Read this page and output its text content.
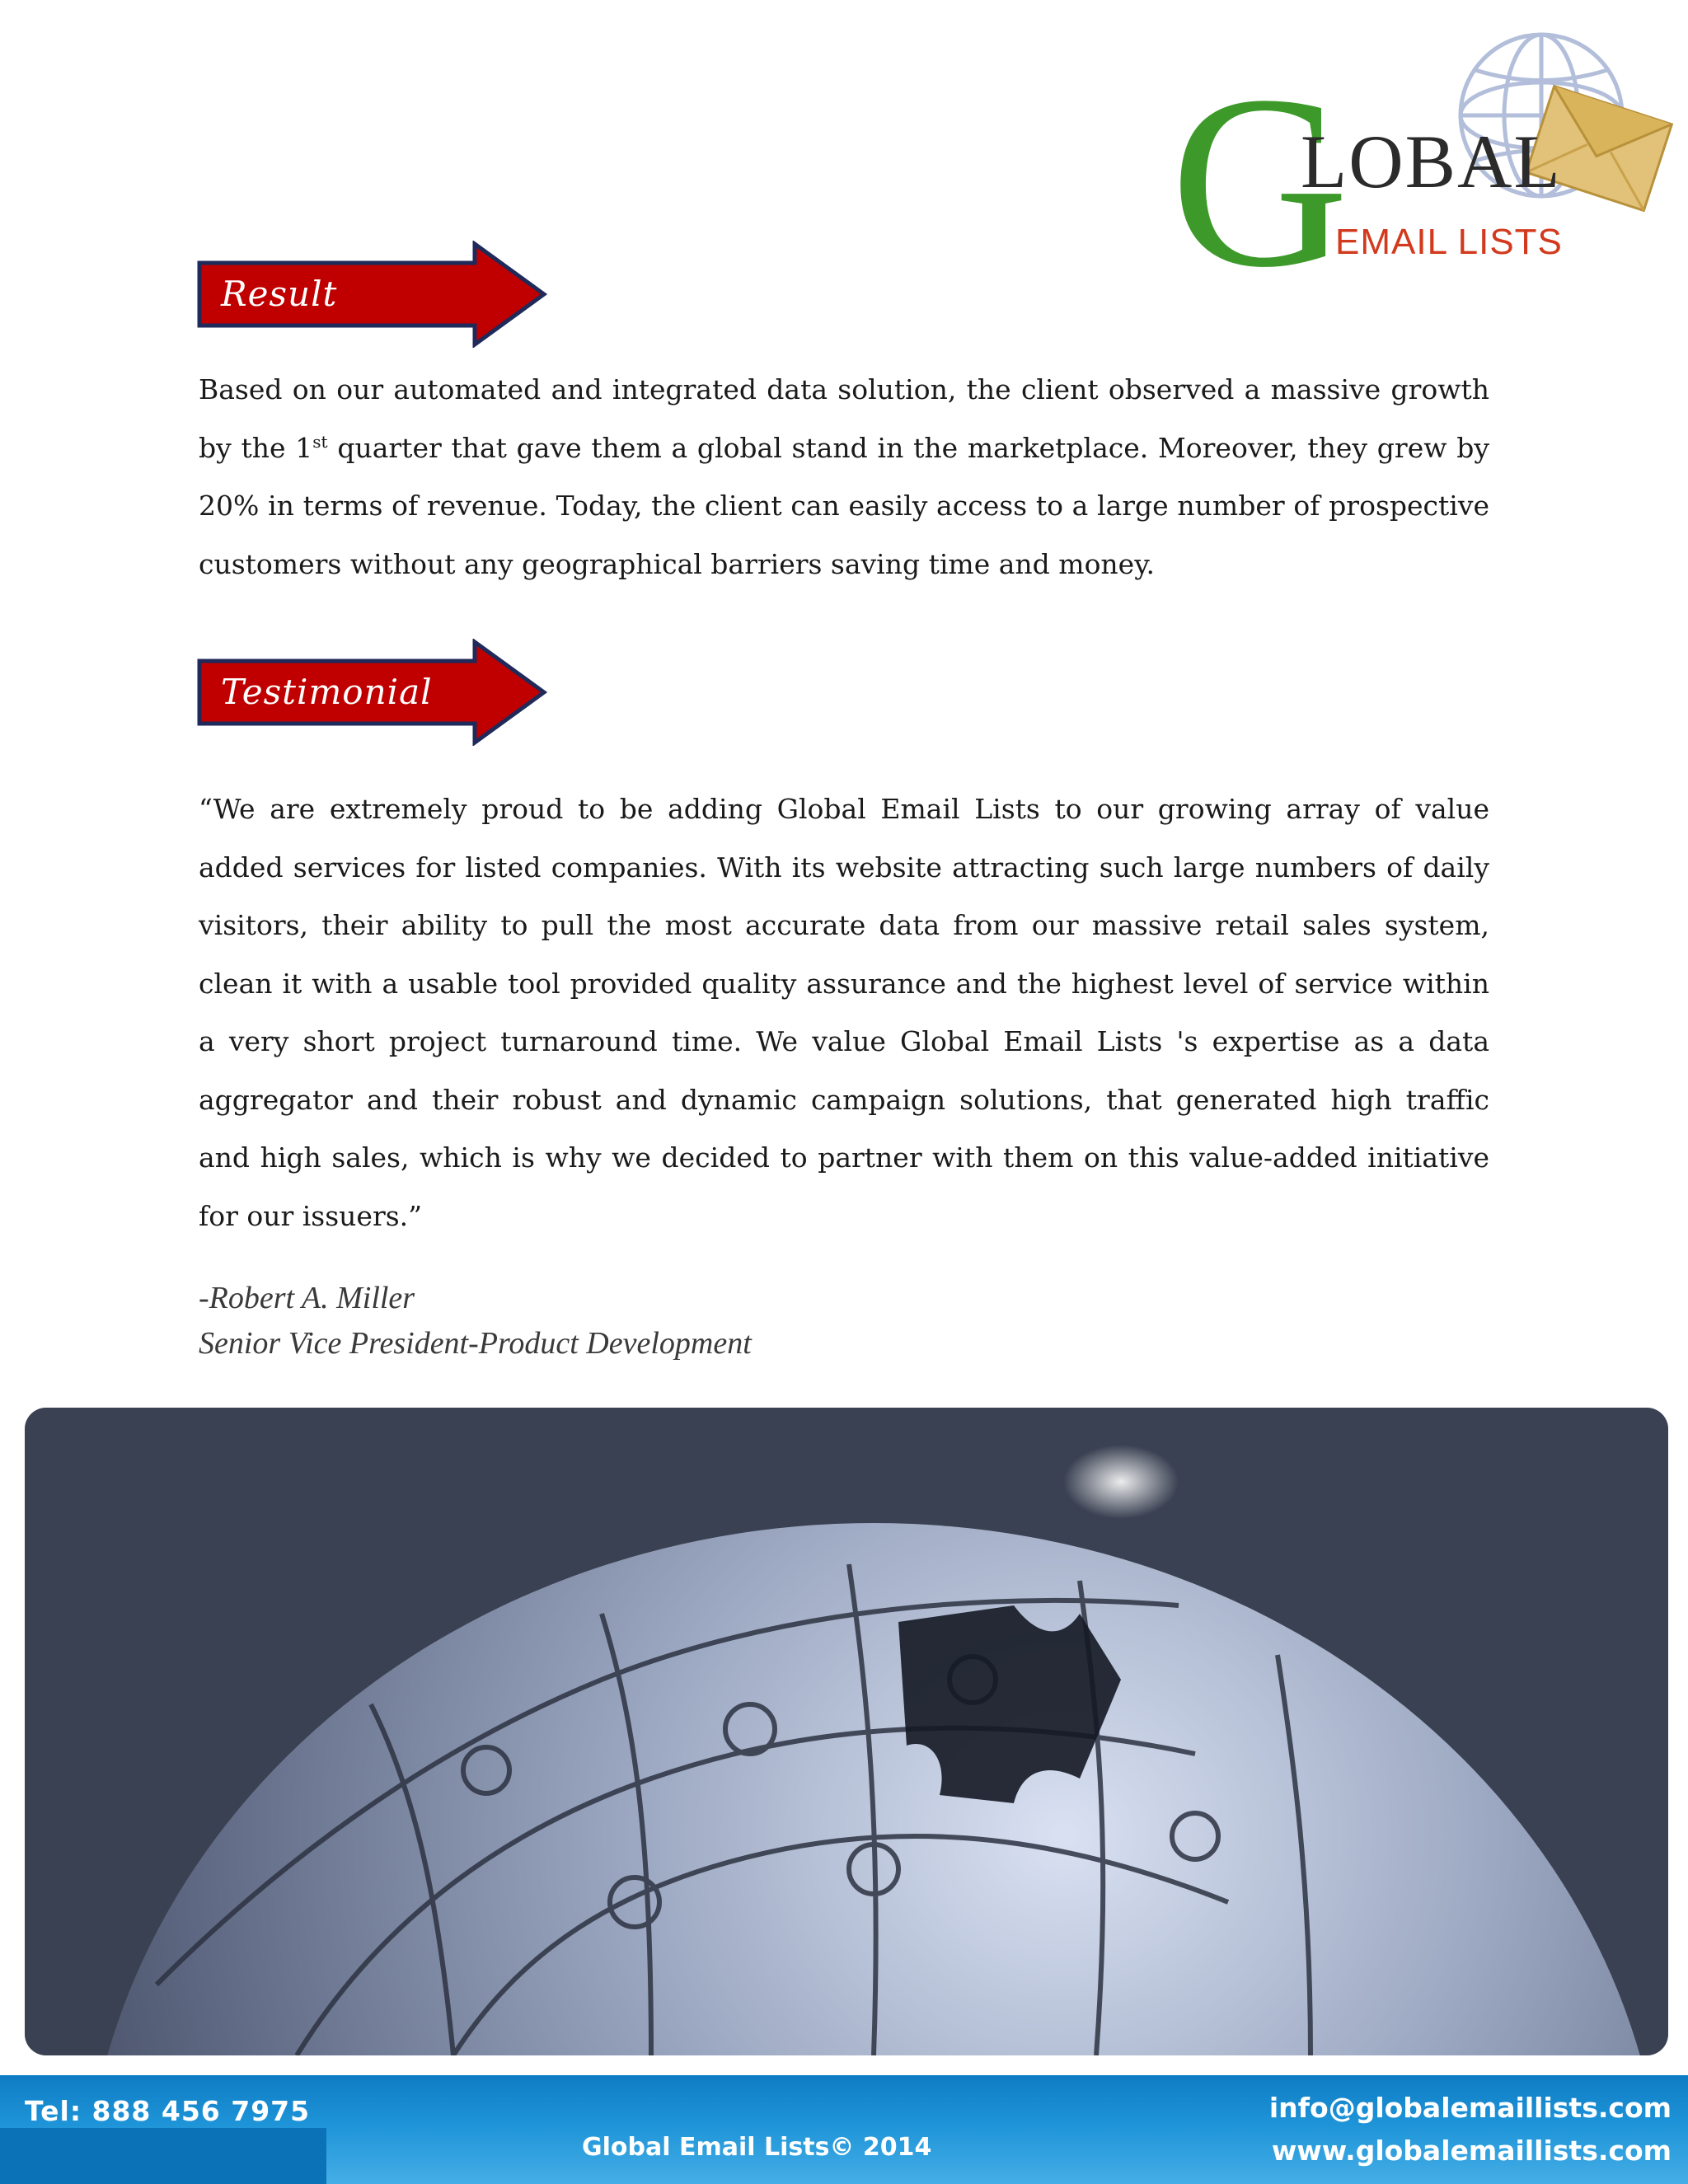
G
LOBAL
EMAIL LISTS
Result

Based on our automated and integrated data solution, the client observed a massive growth by the 1st quarter that gave them a global stand in the marketplace. Moreover, they grew by 20% in terms of revenue. Today, the client can easily access to a large number of prospective customers without any geographical barriers saving time and money.

Testimonial

“We are extremely proud to be adding Global Email Lists to our growing array of value added services for listed companies. With its website attracting such large numbers of daily visitors, their ability to pull the most accurate data from our massive retail sales system, clean it with a usable tool provided quality assurance and the highest level of service within a very short project turnaround time. We value Global Email Lists 's expertise as a data aggregator and their robust and dynamic campaign solutions, that generated high traffic and high sales, which is why we decided to partner with them on this value-added initiative for our issuers.”

-Robert A. Miller
Senior Vice President-Product Development
Tel: 888 456 7975
Global Email Lists© 2014
info@globalemaillists.com
www.globalemaillists.com
